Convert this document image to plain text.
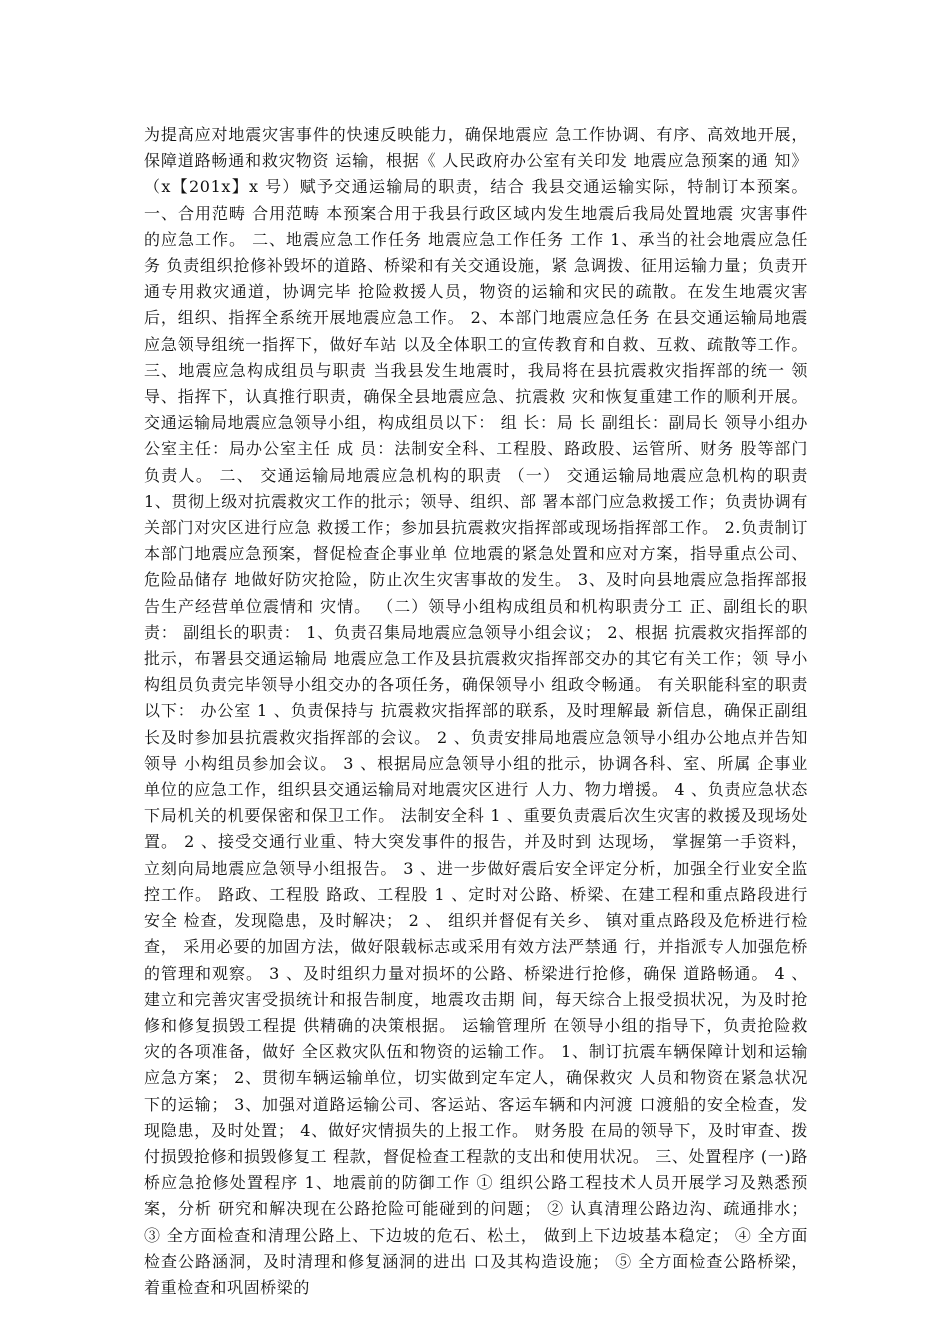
为提高应对地震灾害事件的快速反映能力，确保地震应 急工作协调、有序、高效地开展，保障道路畅通和救灾物资 运输，根据《 人民政府办公室有关印发 地震应急预案的通 知》（x【201x】x 号）赋予交通运输局的职责，结合 我县交通运输实际，特制订本预案。 一、合用范畴 合用范畴 本预案合用于我县行政区域内发生地震后我局处置地震 灾害事件的应急工作。 二、地震应急工作任务 地震应急工作任务 工作 1、承当的社会地震应急任务 负责组织抢修补毁坏的道路、桥梁和有关交通设施，紧 急调拨、征用运输力量；负责开通专用救灾通道，协调完毕 抢险救援人员，物资的运输和灾民的疏散。在发生地震灾害 后，组织、指挥全系统开展地震应急工作。 2、本部门地震应急任务 在县交通运输局地震应急领导组统一指挥下，做好车站 以及全体职工的宣传教育和自救、互救、疏散等工作。 三、地震应急构成组员与职责 当我县发生地震时，我局将在县抗震救灾指挥部的统一 领导、指挥下，认真推行职责，确保全县地震应急、抗震救 灾和恢复重建工作的顺利开展。 交通运输局地震应急领导小组，构成组员以下： 组 长：局 长 副组长：副局长 领导小组办公室主任：局办公室主任 成 员：法制安全科、工程股、路政股、运管所、财务 股等部门负责人。 二、 交通运输局地震应急机构的职责 （一） 交通运输局地震应急机构的职责 1、贯彻上级对抗震救灾工作的批示；领导、组织、部 署本部门应急救援工作；负责协调有关部门对灾区进行应急 救援工作；参加县抗震救灾指挥部或现场指挥部工作。 2.负责制订本部门地震应急预案，督促检查企事业单 位地震的紧急处置和应对方案，指导重点公司、危险品储存 地做好防灾抢险，防止次生灾害事故的发生。 3、及时向县地震应急指挥部报告生产经营单位震情和 灾情。 （二）领导小组构成组员和机构职责分工 正、副组长的职责： 副组长的职责： 1、负责召集局地震应急领导小组会议； 2、根据 抗震救灾指挥部的批示，布署县交通运输局 地震应急工作及县抗震救灾指挥部交办的其它有关工作；领 导小构组员负责完毕领导小组交办的各项任务，确保领导小 组政令畅通。 有关职能科室的职责以下： 办公室 1 、负责保持与 抗震救灾指挥部的联系，及时理解最 新信息，确保正副组长及时参加县抗震救灾指挥部的会议。 2 、负责安排局地震应急领导小组办公地点并告知领导 小构组员参加会议。 3 、根据局应急领导小组的批示，协调各科、室、所属 企事业单位的应急工作，组织县交通运输局对地震灾区进行 人力、物力增援。 4 、负责应急状态下局机关的机要保密和保卫工作。 法制安全科 1 、重要负责震后次生灾害的救援及现场处置。 2 、接受交通行业重、特大突发事件的报告，并及时到 达现场， 掌握第一手资料， 立刻向局地震应急领导小组报告。 3 、进一步做好震后安全评定分析，加强全行业安全监 控工作。 路政、工程股 路政、工程股 1 、定时对公路、桥梁、在建工程和重点路段进行安全 检查，发现隐患，及时解决； 2 、 组织并督促有关乡、 镇对重点路段及危桥进行检查， 采用必要的加固方法，做好限载标志或采用有效方法严禁通 行，并指派专人加强危桥的管理和观察。 3 、及时组织力量对损坏的公路、桥梁进行抢修，确保 道路畅通。 4 、建立和完善灾害受损统计和报告制度，地震攻击期 间，每天综合上报受损状况，为及时抢修和修复损毁工程提 供精确的决策根据。 运输管理所 在领导小组的指导下，负责抢险救灾的各项准备，做好 全区救灾队伍和物资的运输工作。 1、制订抗震车辆保障计划和运输应急方案； 2、贯彻车辆运输单位，切实做到定车定人，确保救灾 人员和物资在紧急状况下的运输； 3、加强对道路运输公司、客运站、客运车辆和内河渡 口渡船的安全检查，发现隐患，及时处置； 4、做好灾情损失的上报工作。 财务股 在局的领导下，及时审查、拨付损毁抢修和损毁修复工 程款，督促检查工程款的支出和使用状况。 三、处置程序 (一)路桥应急抢修处置程序 1、地震前的防御工作 ① 组织公路工程技术人员开展学习及熟悉预案，分析 研究和解决现在公路抢险可能碰到的问题； ② 认真清理公路边沟、疏通排水； ③ 全方面检查和清理公路上、下边坡的危石、松土， 做到上下边坡基本稳定； ④ 全方面检查公路涵洞，及时清理和修复涵洞的进出 口及其构造设施； ⑤ 全方面检查公路桥梁，着重检查和巩固桥梁的
